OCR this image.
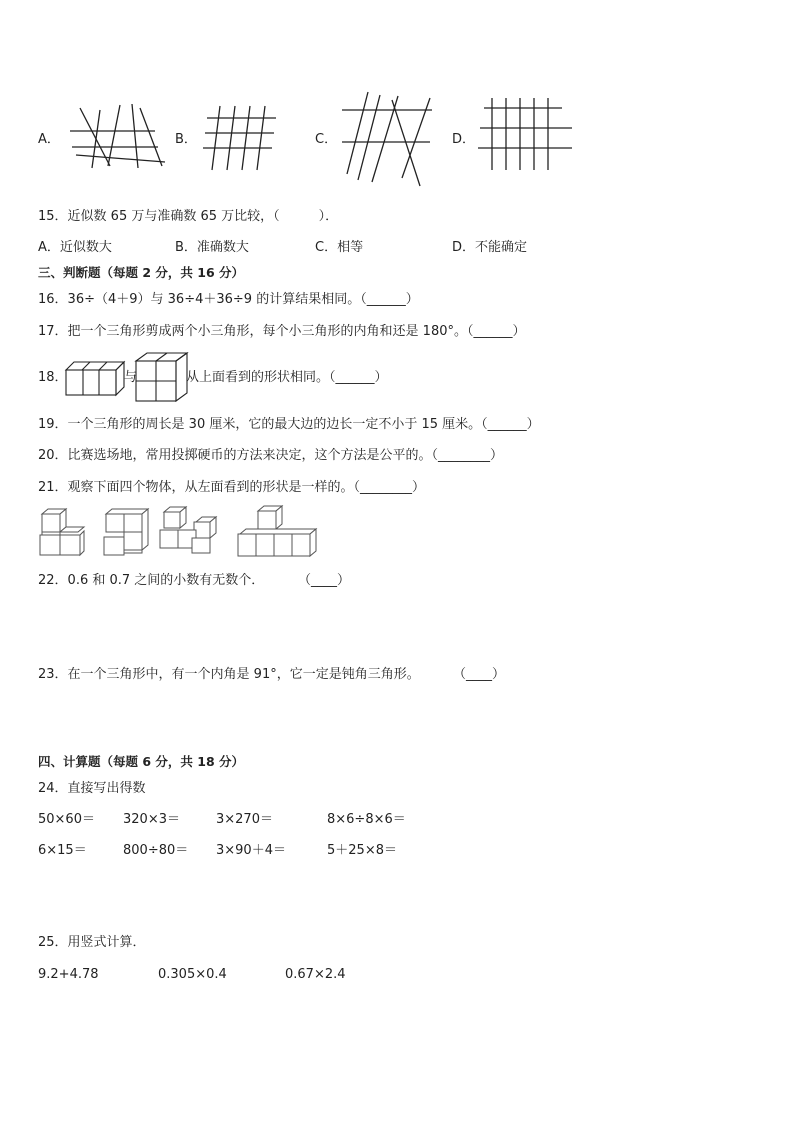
A．	B．	C．	D．
15．近似数 65 万与准确数 65 万比较，（　　　）．
A．近似数大	B．准确数大	C．相等	D．不能确定
三、判断题（每题 2 分，共 16 分）
16．36÷（4＋9）与 36÷4＋36÷9 的计算结果相同。（______）
17．把一个三角形剪成两个小三角形，每个小三角形的内角和还是 180°。（______）
18．	与	从上面看到的形状相同。（______）
19．一个三角形的周长是 30 厘米，它的最大边的边长一定不小于 15 厘米。（______）
20．比赛选场地，常用投掷硬币的方法来决定，这个方法是公平的。（________）
21．观察下面四个物体，从左面看到的形状是一样的。（________）
22．0.6 和 0.7 之间的小数有无数个．	（____）
23．在一个三角形中，有一个内角是 91°，它一定是钝角三角形。	（____）
四、计算题（每题 6 分，共 18 分）
24．直接写出得数
50×60＝ 320×3＝	3×270＝	8×6÷8×6＝
6×15＝	800÷80＝ 3×90＋4＝	5＋25×8＝
25．用竖式计算．
9.2+4.78	0.305×0.4	0.67×2.4
